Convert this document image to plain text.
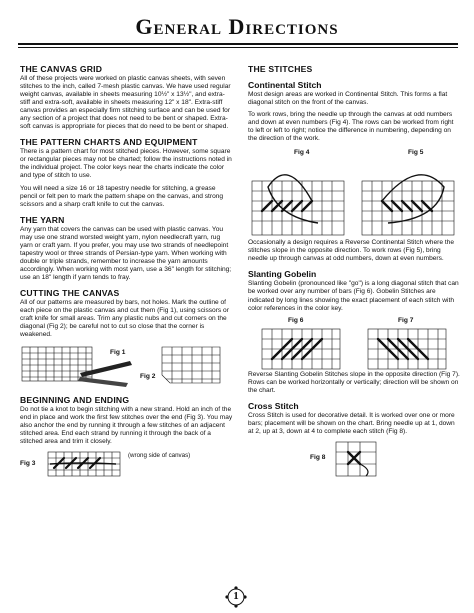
General Directions
THE CANVAS GRID

All of these projects were worked on plastic canvas sheets, with seven stitches to the inch, called 7-mesh plastic canvas. We have used regular weight canvas, available in sheets measuring 10½" x 13½", and extra-stiff and extra-soft, available in sheets measuring 12" x 18". Extra-stiff canvas provides an especially firm stitching surface and can be used for any section of a project that does not need to be bent or shaped. Extra-soft canvas is appropriate for pieces that do need to be bent or shaped.

THE PATTERN CHARTS AND EQUIPMENT

There is a pattern chart for most stitched pieces. However, some square or rectangular pieces may not be charted; follow the instructions noted in the individual project. The color keys near the charts indicate the color and type of stitch to use.

You will need a size 16 or 18 tapestry needle for stitching, a grease pencil or felt pen to mark the pattern shape on the canvas, and strong scissors and a sharp craft knife to cut the canvas.

THE YARN

Any yarn that covers the canvas can be used with plastic canvas. You may use one strand worsted weight yarn, nylon needlecraft yarn, rug yarn or craft yarn. If you prefer, you may use two strands of needlepoint tapestry wool or three strands of Persian-type yarn. When working with double or triple strands, remember to increase the yarn amounts accordingly. When working with most yarn, use a 36" length for stitching; use an 18" length if yarn tends to fray.

CUTTING THE CANVAS

All of our patterns are measured by bars, not holes. Mark the outline of each piece on the plastic canvas and cut them (Fig 1), using scissors or craft knife for small areas. Trim any plastic nubs and cut corners on the diagonal (Fig 2); be careful not to cut so close that the corner is weakened.

Fig 1
Fig 2
BEGINNING AND ENDING

Do not tie a knot to begin stitching with a new strand. Hold an inch of the end in place and work the first few stitches over the end (Fig 3). You may also anchor the end by running it through a few stitches of an adjacent stitched area. End each strand by running it through the back of a stitched area and trim it closely.

Fig 3
(wrong side of canvas)
THE STITCHES
Continental Stitch

Most design areas are worked in Continental Stitch. This forms a flat diagonal stitch on the front of the canvas.

To work rows, bring the needle up through the canvas at odd numbers and down at even numbers (Fig 4). The rows can be worked from right to left or left to right; notice the difference in numbering, depending on the direction of the work.

Fig 4	Fig 5

Occasionally a design requires a Reverse Continental Stitch where the stitches slope in the opposite direction. To work rows (Fig 5), bring needle up through canvas at odd numbers, down at even numbers.

Slanting Gobelin

Slanting Gobelin (pronounced like "go") is a long diagonal stitch that can be worked over any number of bars (Fig 6). Gobelin Stitches are indicated by long lines showing the exact placement of each stitch with color references in the color key.

Fig 6	Fig 7

Reverse Slanting Gobelin Stitches slope in the opposite direction (Fig 7). Rows can be worked horizontally or vertically; direction will be shown on the chart.

Cross Stitch

Cross Stitch is used for decorative detail. It is worked over one or more bars; placement will be shown on the chart. Bring needle up at 1, down at 2, up at 3, down at 4 to complete each stitch (Fig 8).

Fig 8
1
